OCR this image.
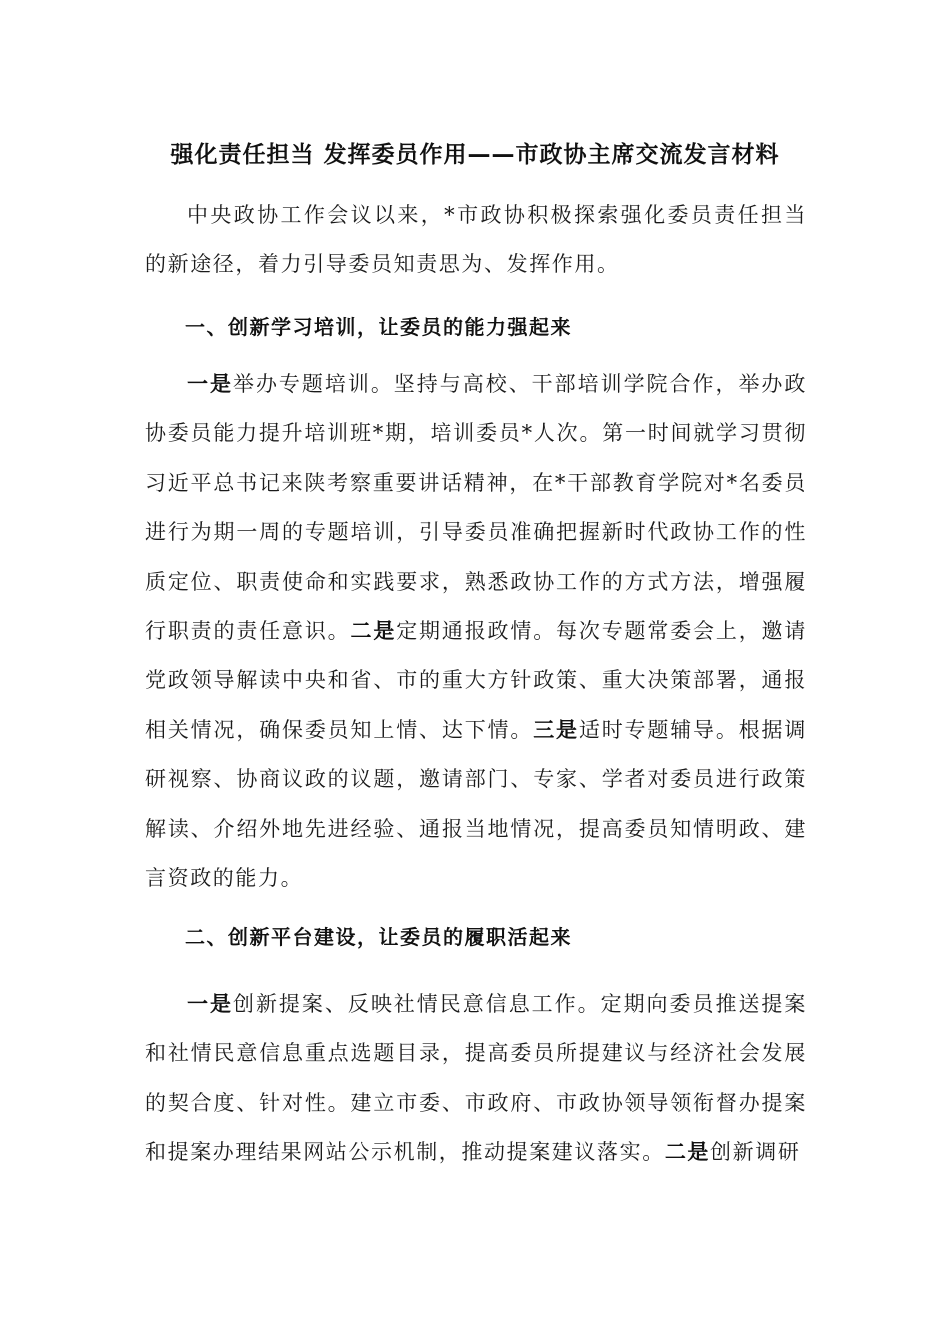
强化责任担当 发挥委员作用——市政协主席交流发言材料

中央政协工作会议以来，*市政协积极探索强化委员责任担当的新途径，着力引导委员知责思为、发挥作用。

一、创新学习培训，让委员的能力强起来

一是举办专题培训。坚持与高校、干部培训学院合作，举办政协委员能力提升培训班*期，培训委员*人次。第一时间就学习贯彻习近平总书记来陕考察重要讲话精神，在*干部教育学院对*名委员进行为期一周的专题培训，引导委员准确把握新时代政协工作的性质定位、职责使命和实践要求，熟悉政协工作的方式方法，增强履行职责的责任意识。二是定期通报政情。每次专题常委会上，邀请党政领导解读中央和省、市的重大方针政策、重大决策部署，通报相关情况，确保委员知上情、达下情。三是适时专题辅导。根据调研视察、协商议政的议题，邀请部门、专家、学者对委员进行政策解读、介绍外地先进经验、通报当地情况，提高委员知情明政、建言资政的能力。

二、创新平台建设，让委员的履职活起来

一是创新提案、反映社情民意信息工作。定期向委员推送提案和社情民意信息重点选题目录，提高委员所提建议与经济社会发展的契合度、针对性。建立市委、市政府、市政协领导领衔督办提案和提案办理结果网站公示机制，推动提案建议落实。二是创新调研
